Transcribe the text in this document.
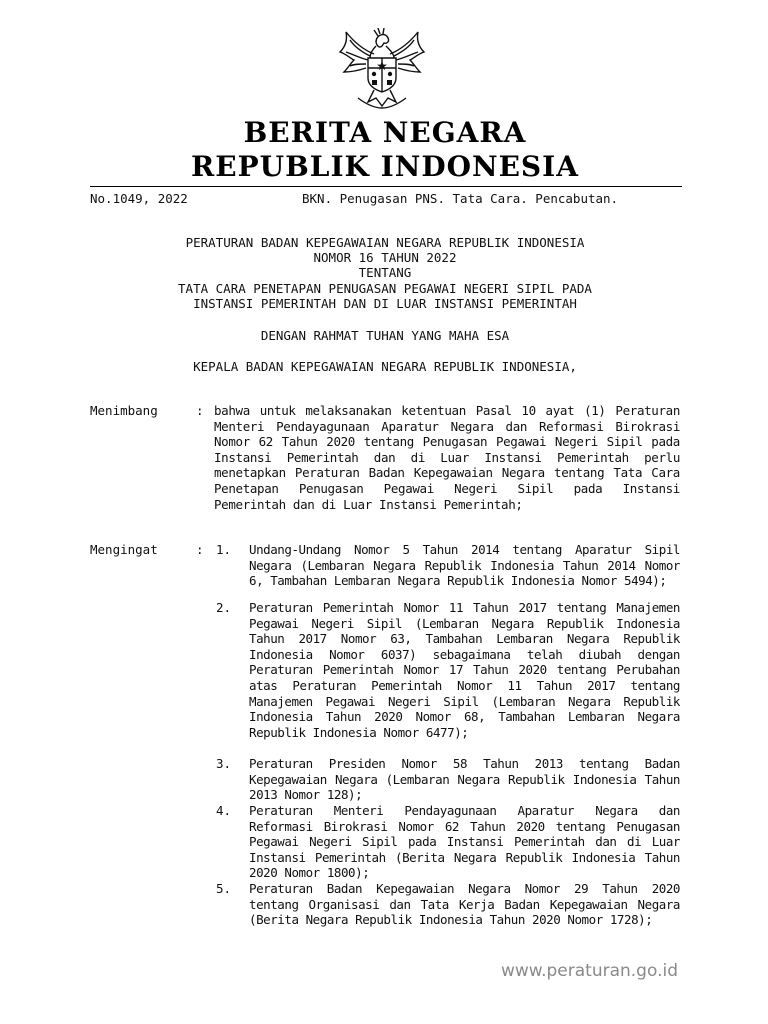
BERITA NEGARA
REPUBLIK INDONESIA
No.1049, 2022	BKN. Penugasan PNS. Tata Cara. Pencabutan.
PERATURAN BADAN KEPEGAWAIAN NEGARA REPUBLIK INDONESIA
NOMOR 16 TAHUN 2022
TENTANG
TATA CARA PENETAPAN PENUGASAN PEGAWAI NEGERI SIPIL PADA
INSTANSI PEMERINTAH DAN DI LUAR INSTANSI PEMERINTAH
DENGAN RAHMAT TUHAN YANG MAHA ESA
KEPALA BADAN KEPEGAWAIAN NEGARA REPUBLIK INDONESIA,
Menimbang	: bahwa untuk melaksanakan ketentuan Pasal 10 ayat (1) Peraturan Menteri Pendayagunaan Aparatur Negara dan Reformasi Birokrasi Nomor 62 Tahun 2020 tentang Penugasan Pegawai Negeri Sipil pada Instansi Pemerintah dan di Luar Instansi Pemerintah perlu menetapkan Peraturan Badan Kepegawaian Negara tentang Tata Cara Penetapan Penugasan Pegawai Negeri Sipil pada Instansi Pemerintah dan di Luar Instansi Pemerintah;

Mengingat	: 1. Undang-Undang Nomor 5 Tahun 2014 tentang Aparatur Sipil Negara (Lembaran Negara Republik Indonesia Tahun 2014 Nomor 6, Tambahan Lembaran Negara Republik Indonesia Nomor 5494);

2. Peraturan Pemerintah Nomor 11 Tahun 2017 tentang Manajemen Pegawai Negeri Sipil (Lembaran Negara Republik Indonesia Tahun 2017 Nomor 63, Tambahan Lembaran Negara Republik Indonesia Nomor 6037) sebagaimana telah diubah dengan Peraturan Pemerintah Nomor 17 Tahun 2020 tentang Perubahan atas Peraturan Pemerintah Nomor 11 Tahun 2017 tentang Manajemen Pegawai Negeri Sipil (Lembaran Negara Republik Indonesia Tahun 2020 Nomor 68, Tambahan Lembaran Negara Republik Indonesia Nomor 6477);

3. Peraturan Presiden Nomor 58 Tahun 2013 tentang Badan Kepegawaian Negara (Lembaran Negara Republik Indonesia Tahun 2013 Nomor 128);

4. Peraturan Menteri Pendayagunaan Aparatur Negara dan Reformasi Birokrasi Nomor 62 Tahun 2020 tentang Penugasan Pegawai Negeri Sipil pada Instansi Pemerintah dan di Luar Instansi Pemerintah (Berita Negara Republik Indonesia Tahun 2020 Nomor 1800);

5. Peraturan Badan Kepegawaian Negara Nomor 29 Tahun 2020 tentang Organisasi dan Tata Kerja Badan Kepegawaian Negara (Berita Negara Republik Indonesia Tahun 2020 Nomor 1728);

www.peraturan.go.id
